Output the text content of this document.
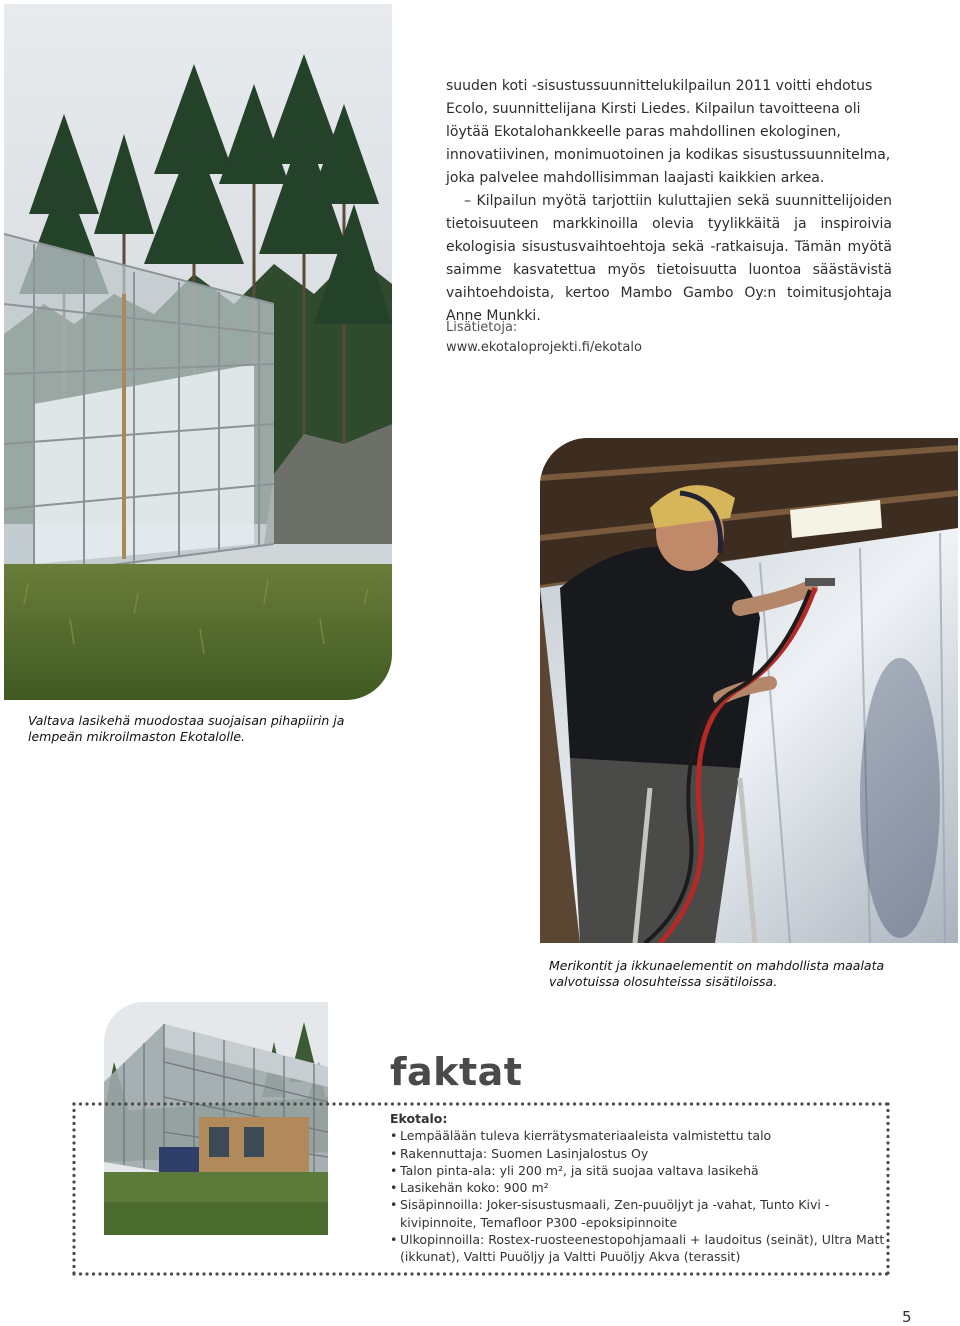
suuden koti -sisustussuunnittelukilpailun 2011 voitti ehdotus Ecolo, suunnittelijana Kirsti Liedes. Kilpailun tavoitteena oli löytää Ekotalohankkeelle paras mahdollinen ekologinen, innovatiivinen, monimuotoinen ja kodikas sisustussuunnitelma, joka palvelee mahdollisimman laajasti kaikkien arkea.

– Kilpailun myötä tarjottiin kuluttajien sekä suunnittelijoiden tietoisuuteen markkinoilla olevia tyylikkäitä ja inspiroivia ekologisia sisustusvaihtoehtoja sekä -ratkaisuja. Tämän myötä saimme kasvatettua myös tietoisuutta luontoa säästävistä vaihtoehdoista, kertoo Mambo Gambo Oy:n toimitusjohtaja Anne Munkki.

Lisätietoja:
www.ekotaloprojekti.fi/ekotalo
Valtava lasikehä muodostaa suojaisan pihapiirin ja lempeän mikroilmaston Ekotalolle.
Merikontit ja ikkunaelementit on mahdollista maalata valvotuissa olosuhteissa sisätiloissa.
faktat
Ekotalo:
• Lempäälään tuleva kierrätysmateriaaleista valmistettu talo
• Rakennuttaja: Suomen Lasinjalostus Oy
• Talon pinta-ala: yli 200 m², ja sitä suojaa valtava lasikehä
• Lasikehän koko: 900 m²
• Sisäpinnoilla: Joker-sisustusmaali, Zen-puuöljyt ja -vahat, Tunto Kivi -kivipinnoite, Temafloor P300 -epoksipinnoite
• Ulkopinnoilla: Rostex-ruosteenestopohjamaali + laudoitus (seinät), Ultra Matt (ikkunat), Valtti Puuöljy ja Valtti Puuöljy Akva (terassit)
5
